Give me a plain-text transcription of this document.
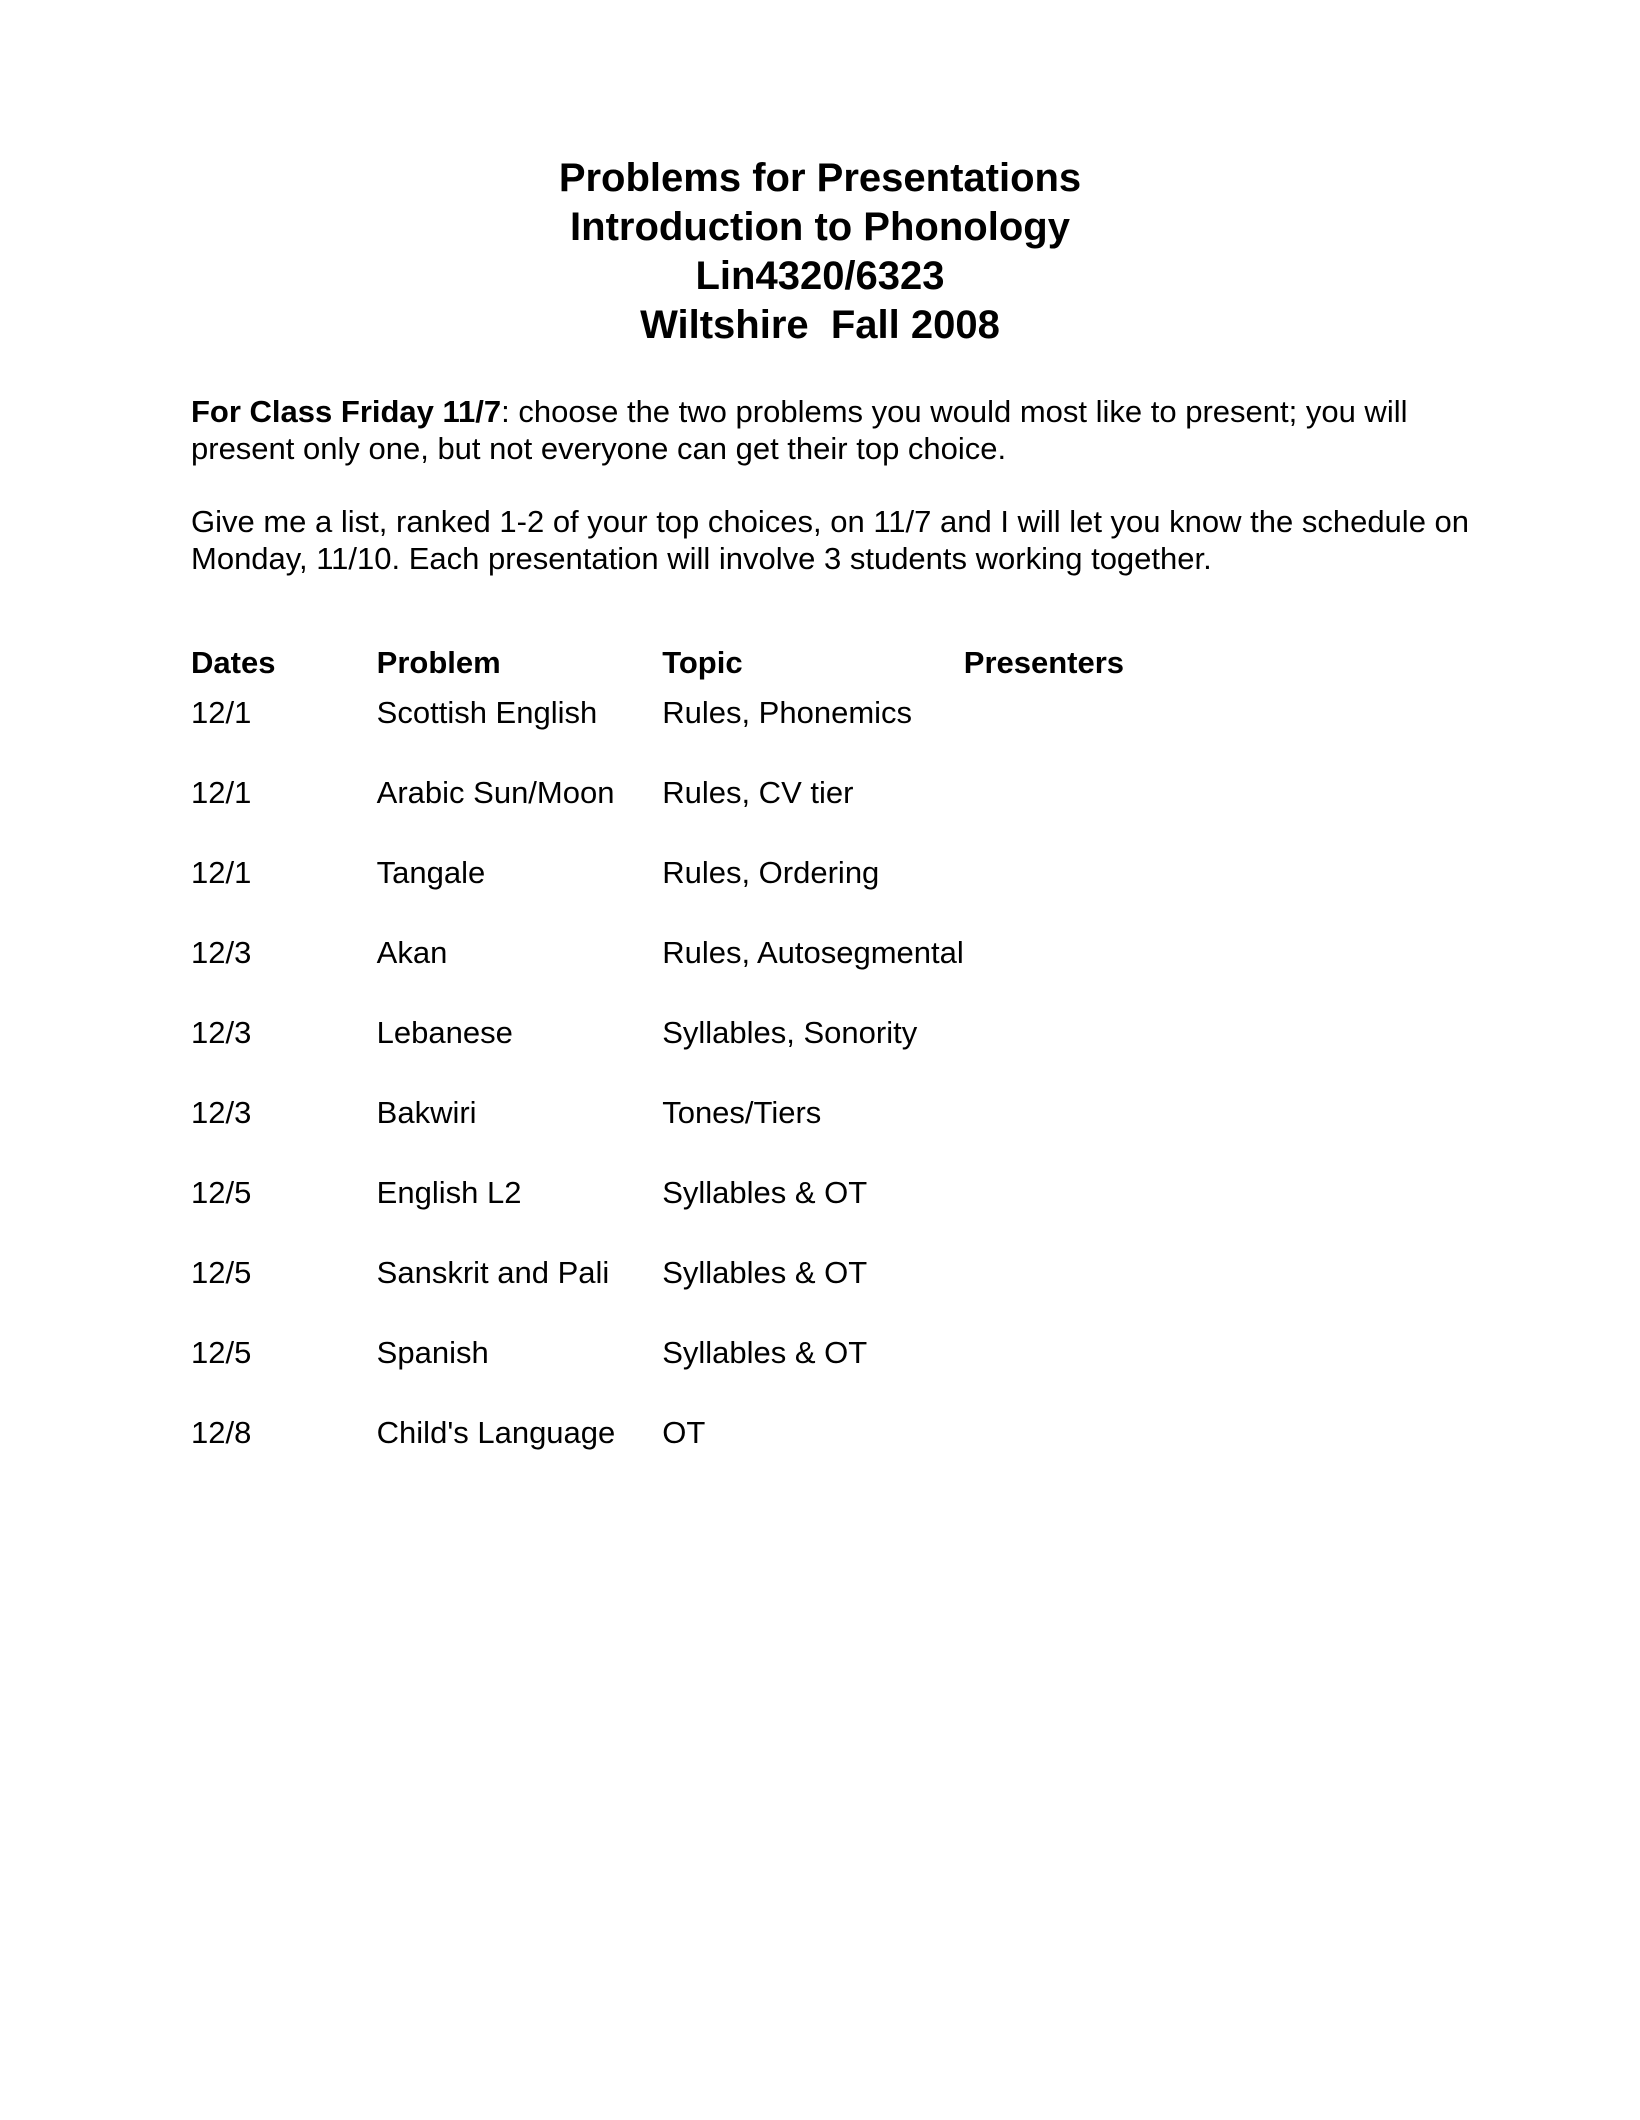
Problems for Presentations
Introduction to Phonology
Lin4320/6323
Wiltshire  Fall 2008
For Class Friday 11/7: choose the two problems you would most like to present; you will present only one, but not everyone can get their top choice.
Give me a list, ranked 1-2 of your top choices, on 11/7 and I will let you know the schedule on Monday, 11/10. Each presentation will involve 3 students working together.
Dates	Problem	Topic	Presenters
12/1	Scottish English	Rules, Phonemics	
12/1	Arabic Sun/Moon	Rules, CV tier	
12/1	Tangale	Rules, Ordering	
12/3	Akan	Rules, Autosegmental	
12/3	Lebanese	Syllables, Sonority	
12/3	Bakwiri	Tones/Tiers	
12/5	English L2	Syllables & OT	
12/5	Sanskrit and Pali	Syllables & OT	
12/5	Spanish	Syllables & OT	
12/8	Child's Language	OT	
